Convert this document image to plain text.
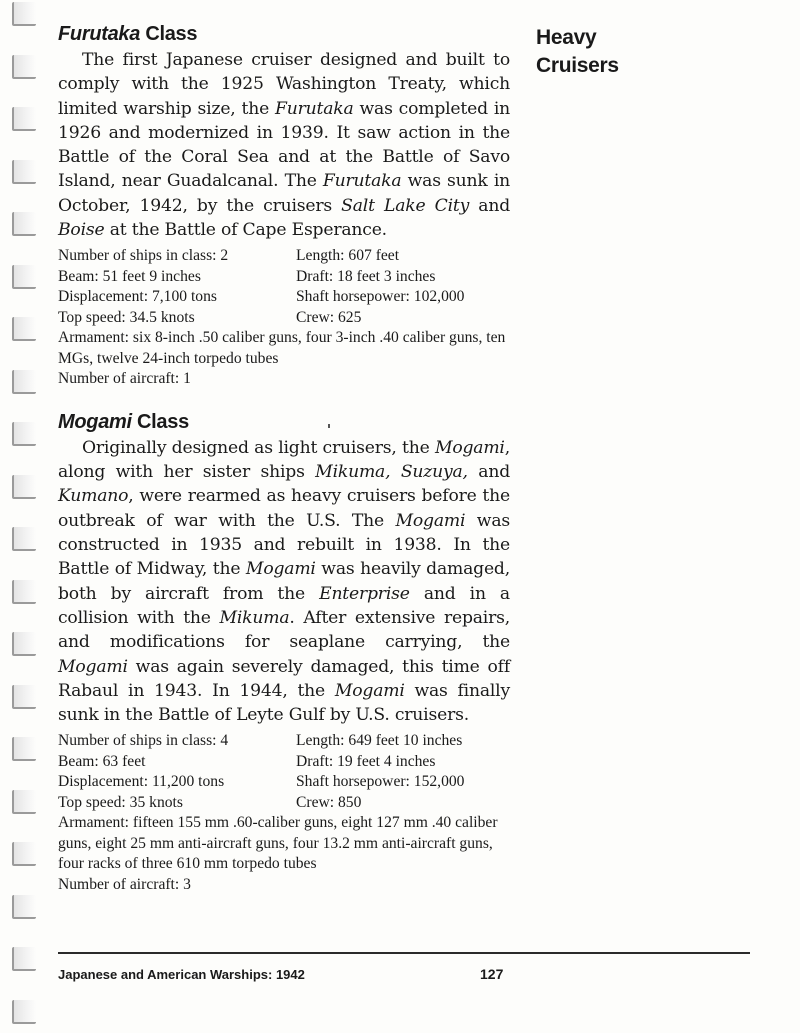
Furutaka Class

The first Japanese cruiser designed and built to comply with the 1925 Washington Treaty, which limited warship size, the Furutaka was completed in 1926 and modernized in 1939. It saw action in the Battle of the Coral Sea and at the Battle of Savo Island, near Guadalcanal. The Furutaka was sunk in October, 1942, by the cruisers Salt Lake City and Boise at the Battle of Cape Esperance.

Number of ships in class: 2	Length: 607 feet
Beam: 51 feet 9 inches	Draft: 18 feet 3 inches
Displacement: 7,100 tons	Shaft horsepower: 102,000
Top speed: 34.5 knots	Crew: 625
Armament: six 8-inch .50 caliber guns, four 3-inch .40 caliber guns, ten MGs, twelve 24-inch torpedo tubes
Number of aircraft: 1
Mogami Class

Originally designed as light cruisers, the Mogami, along with her sister ships Mikuma, Suzuya, and Kumano, were rearmed as heavy cruisers before the outbreak of war with the U.S. The Mogami was constructed in 1935 and rebuilt in 1938. In the Battle of Midway, the Mogami was heavily damaged, both by aircraft from the Enterprise and in a collision with the Mikuma. After extensive repairs, and modifications for seaplane carrying, the Mogami was again severely damaged, this time off Rabaul in 1943. In 1944, the Mogami was finally sunk in the Battle of Leyte Gulf by U.S. cruisers.

Number of ships in class: 4	Length: 649 feet 10 inches
Beam: 63 feet	Draft: 19 feet 4 inches
Displacement: 11,200 tons	Shaft horsepower: 152,000
Top speed: 35 knots	Crew: 850
Armament: fifteen 155 mm .60-caliber guns, eight 127 mm .40 caliber guns, eight 25 mm anti-aircraft guns, four 13.2 mm anti-aircraft guns, four racks of three 610 mm torpedo tubes
Number of aircraft: 3
Heavy
Cruisers
Japanese and American Warships: 1942	127
